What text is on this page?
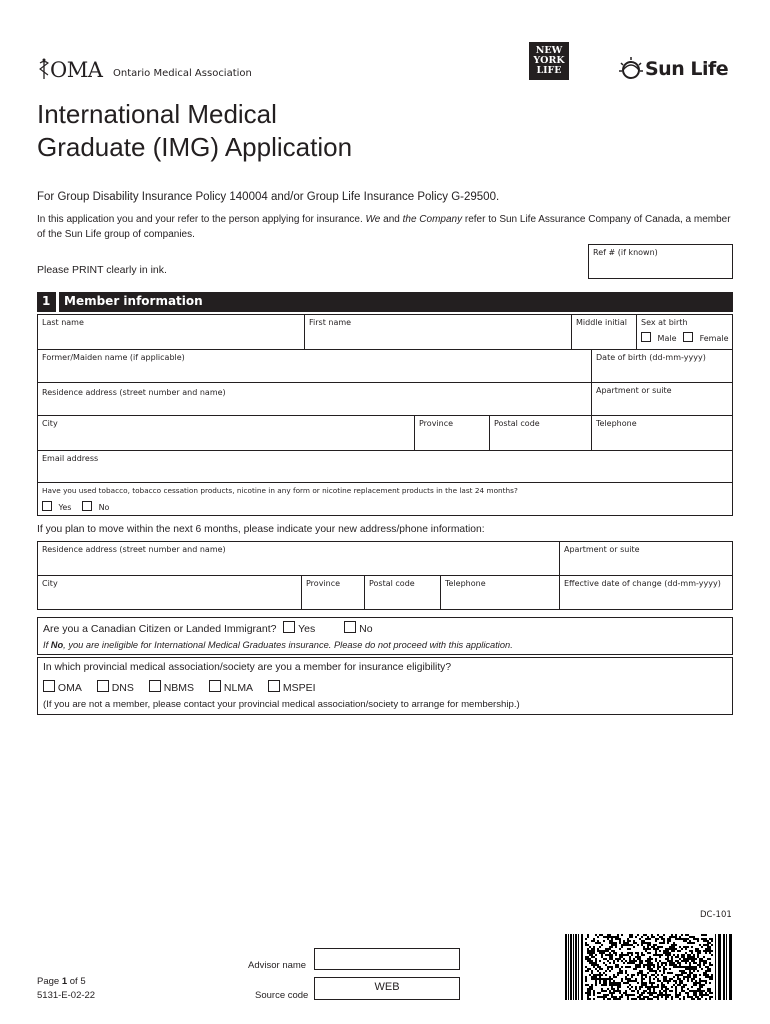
OMA Ontario Medical Association
NEW
YORK
LIFE	Sun Life
International Medical
Graduate (IMG) Application
For Group Disability Insurance Policy 140004 and/or Group Life Insurance Policy G-29500.
In this application you and your refer to the person applying for insurance. We and the Company refer to Sun Life Assurance Company of Canada, a member of the Sun Life group of companies.
Ref # (if known)
Please PRINT clearly in ink.
1 Member information
Last name	First name	Middle initial Sex at birth
Male	Female
Former/Maiden name (if applicable)	Date of birth (dd-mm-yyyy)
Residence address (street number and name)	Apartment or suite
City	Province	Postal code	Telephone
Email address
Have you used tobacco, tobacco cessation products, nicotine in any form or nicotine replacement products in the last 24 months?
Yes	No
If you plan to move within the next 6 months, please indicate your new address/phone information:
Residence address (street number and name)	Apartment or suite
City	Province	Postal code	Telephone	Effective date of change (dd-mm-yyyy)
Are you a Canadian Citizen or Landed Immigrant? Yes	No
If No, you are ineligible for International Medical Graduates insurance. Please do not proceed with this application.
In which provincial medical association/society are you a member for insurance eligibility?
OMA	DNS	NBMS	NLMA	MSPEI
(If you are not a member, please contact your provincial medical association/society to arrange for membership.)
DC-101
Page 1 of 5
5131-E-02-22
Advisor name
Source code
WEB
